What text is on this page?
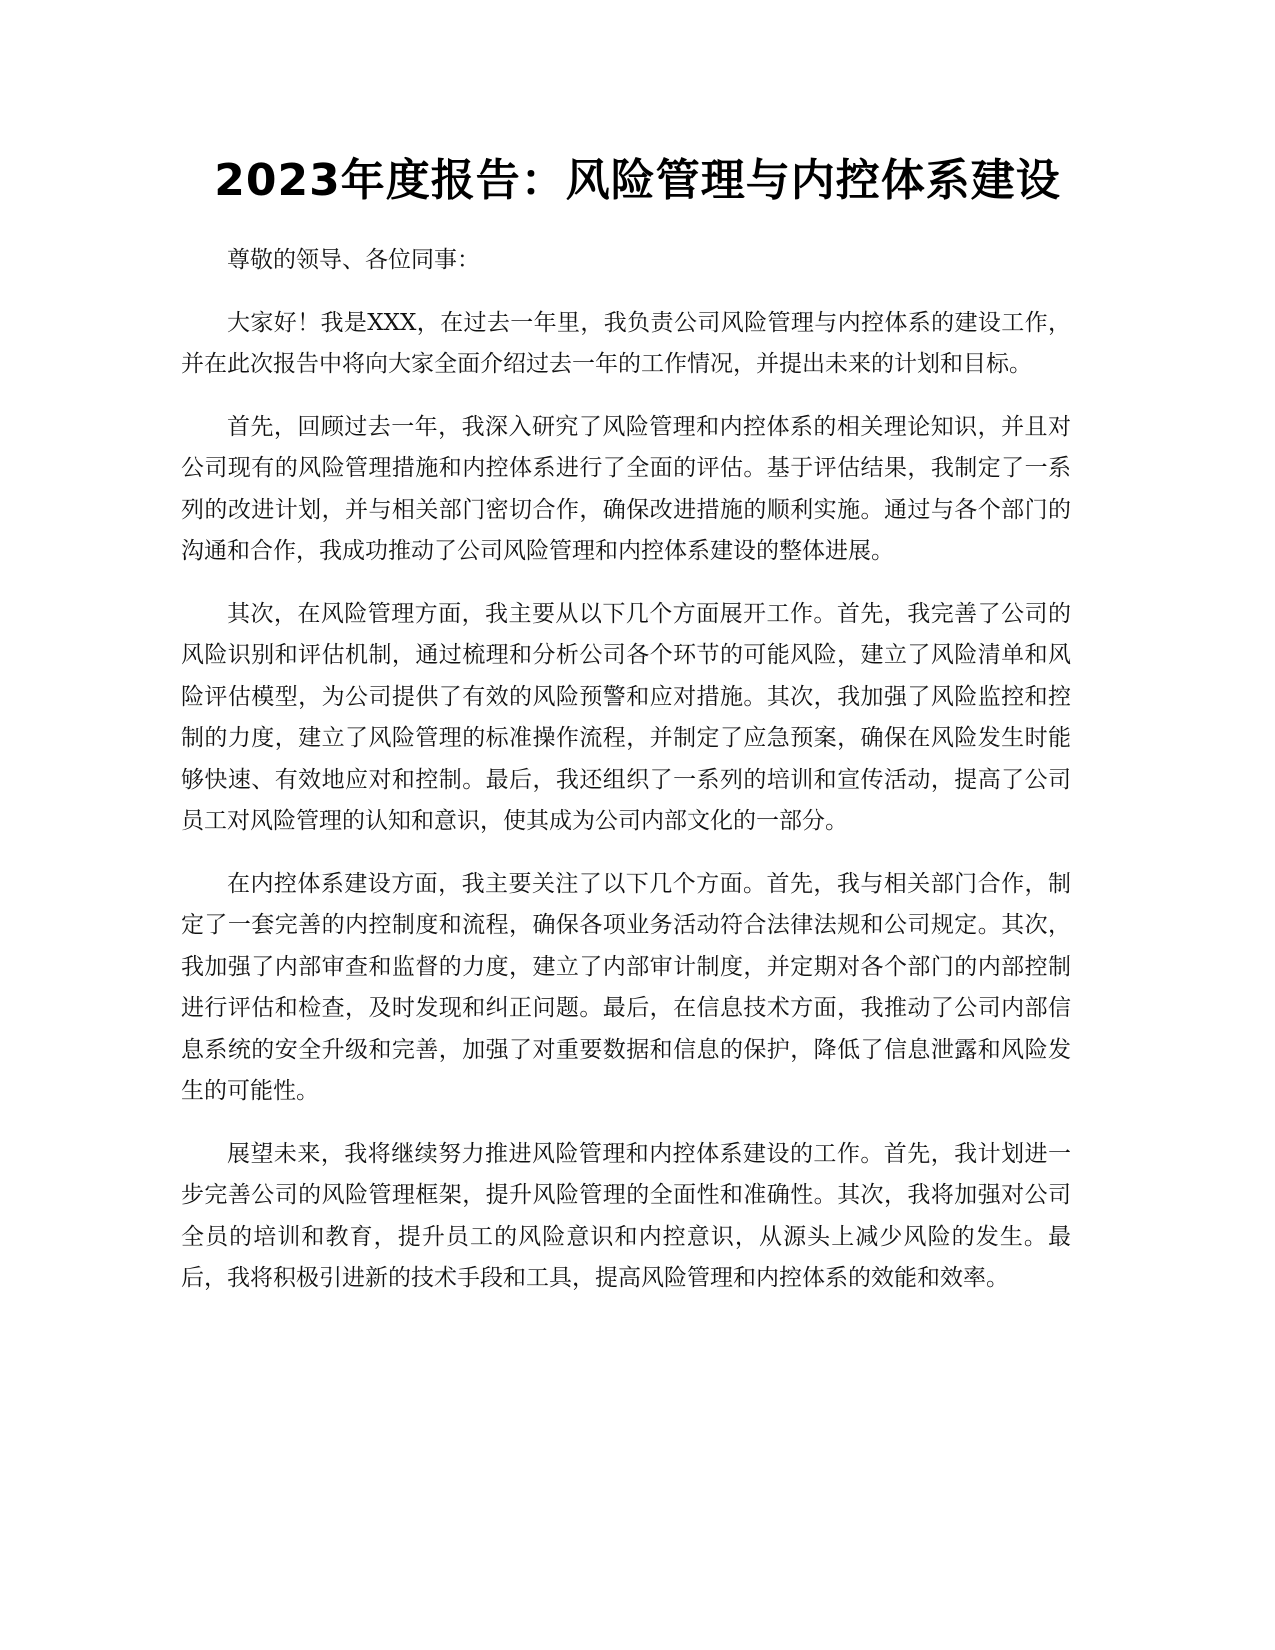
2023年度报告：风险管理与内控体系建设

尊敬的领导、各位同事：

大家好！我是XXX，在过去一年里，我负责公司风险管理与内控体系的建设工作，并在此次报告中将向大家全面介绍过去一年的工作情况，并提出未来的计划和目标。

首先，回顾过去一年，我深入研究了风险管理和内控体系的相关理论知识，并且对公司现有的风险管理措施和内控体系进行了全面的评估。基于评估结果，我制定了一系列的改进计划，并与相关部门密切合作，确保改进措施的顺利实施。通过与各个部门的沟通和合作，我成功推动了公司风险管理和内控体系建设的整体进展。

其次，在风险管理方面，我主要从以下几个方面展开工作。首先，我完善了公司的风险识别和评估机制，通过梳理和分析公司各个环节的可能风险，建立了风险清单和风险评估模型，为公司提供了有效的风险预警和应对措施。其次，我加强了风险监控和控制的力度，建立了风险管理的标准操作流程，并制定了应急预案，确保在风险发生时能够快速、有效地应对和控制。最后，我还组织了一系列的培训和宣传活动，提高了公司员工对风险管理的认知和意识，使其成为公司内部文化的一部分。

在内控体系建设方面，我主要关注了以下几个方面。首先，我与相关部门合作，制定了一套完善的内控制度和流程，确保各项业务活动符合法律法规和公司规定。其次，我加强了内部审查和监督的力度，建立了内部审计制度，并定期对各个部门的内部控制进行评估和检查，及时发现和纠正问题。最后，在信息技术方面，我推动了公司内部信息系统的安全升级和完善，加强了对重要数据和信息的保护，降低了信息泄露和风险发生的可能性。

展望未来，我将继续努力推进风险管理和内控体系建设的工作。首先，我计划进一步完善公司的风险管理框架，提升风险管理的全面性和准确性。其次，我将加强对公司全员的培训和教育，提升员工的风险意识和内控意识，从源头上减少风险的发生。最后，我将积极引进新的技术手段和工具，提高风险管理和内控体系的效能和效率。
